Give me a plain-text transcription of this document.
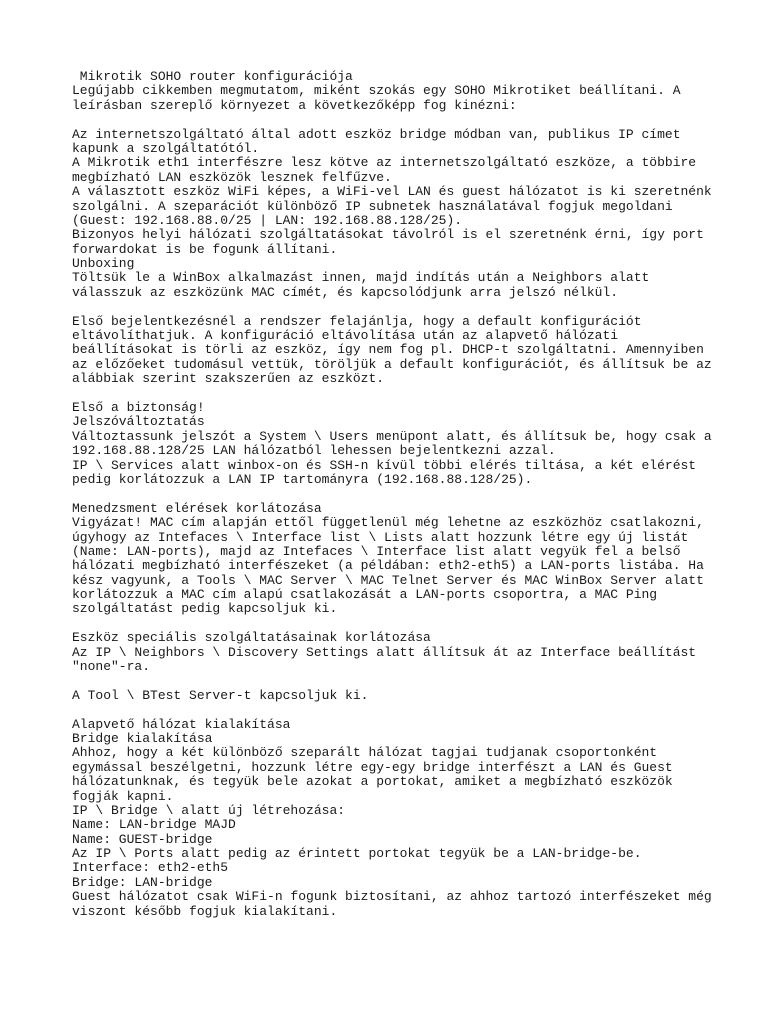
Mikrotik SOHO router konfigurációja
Legújabb cikkemben megmutatom, miként szokás egy SOHO Mikrotiket beállítani. A
leírásban szereplő környezet a következőképp fog kinézni:
Az internetszolgáltató által adott eszköz bridge módban van, publikus IP címet
kapunk a szolgáltatótól.
A Mikrotik eth1 interfészre lesz kötve az internetszolgáltató eszköze, a többire
megbízható LAN eszközök lesznek felfűzve.
A választott eszköz WiFi képes, a WiFi-vel LAN és guest hálózatot is ki szeretnénk
szolgálni. A szeparációt különböző IP subnetek használatával fogjuk megoldani
(Guest: 192.168.88.0/25 | LAN: 192.168.88.128/25).
Bizonyos helyi hálózati szolgáltatásokat távolról is el szeretnénk érni, így port
forwardokat is be fogunk állítani.
Unboxing
Töltsük le a WinBox alkalmazást innen, majd indítás után a Neighbors alatt
válasszuk az eszközünk MAC címét, és kapcsolódjunk arra jelszó nélkül.
Első bejelentkezésnél a rendszer felajánlja, hogy a default konfigurációt
eltávolíthatjuk. A konfiguráció eltávolítása után az alapvető hálózati
beállításokat is törli az eszköz, így nem fog pl. DHCP-t szolgáltatni. Amennyiben
az előzőeket tudomásul vettük, töröljük a default konfigurációt, és állítsuk be az
alábbiak szerint szakszerűen az eszközt.
Első a biztonság!
Jelszóváltoztatás
Változtassunk jelszót a System \ Users menüpont alatt, és állítsuk be, hogy csak a
192.168.88.128/25 LAN hálózatból lehessen bejelentkezni azzal.
IP \ Services alatt winbox-on és SSH-n kívül többi elérés tiltása, a két elérést
pedig korlátozzuk a LAN IP tartományra (192.168.88.128/25).
Menedzsment elérések korlátozása
Vigyázat! MAC cím alapján ettől függetlenül még lehetne az eszközhöz csatlakozni,
úgyhogy az Intefaces \ Interface list \ Lists alatt hozzunk létre egy új listát
(Name: LAN-ports), majd az Intefaces \ Interface list alatt vegyük fel a belső
hálózati megbízható interfészeket (a példában: eth2-eth5) a LAN-ports listába. Ha
kész vagyunk, a Tools \ MAC Server \ MAC Telnet Server és MAC WinBox Server alatt
korlátozzuk a MAC cím alapú csatlakozását a LAN-ports csoportra, a MAC Ping
szolgáltatást pedig kapcsoljuk ki.
Eszköz speciális szolgáltatásainak korlátozása
Az IP \ Neighbors \ Discovery Settings alatt állítsuk át az Interface beállítást
"none"-ra.
A Tool \ BTest Server-t kapcsoljuk ki.
Alapvető hálózat kialakítása
Bridge kialakítása
Ahhoz, hogy a két különböző szeparált hálózat tagjai tudjanak csoportonként
egymással beszélgetni, hozzunk létre egy-egy bridge interfészt a LAN és Guest
hálózatunknak, és tegyük bele azokat a portokat, amiket a megbízható eszközök
fogják kapni.
IP \ Bridge \ alatt új létrehozása:
Name: LAN-bridge MAJD
Name: GUEST-bridge
Az IP \ Ports alatt pedig az érintett portokat tegyük be a LAN-bridge-be.
Interface: eth2-eth5
Bridge: LAN-bridge
Guest hálózatot csak WiFi-n fogunk biztosítani, az ahhoz tartozó interfészeket még
viszont később fogjuk kialakítani.
